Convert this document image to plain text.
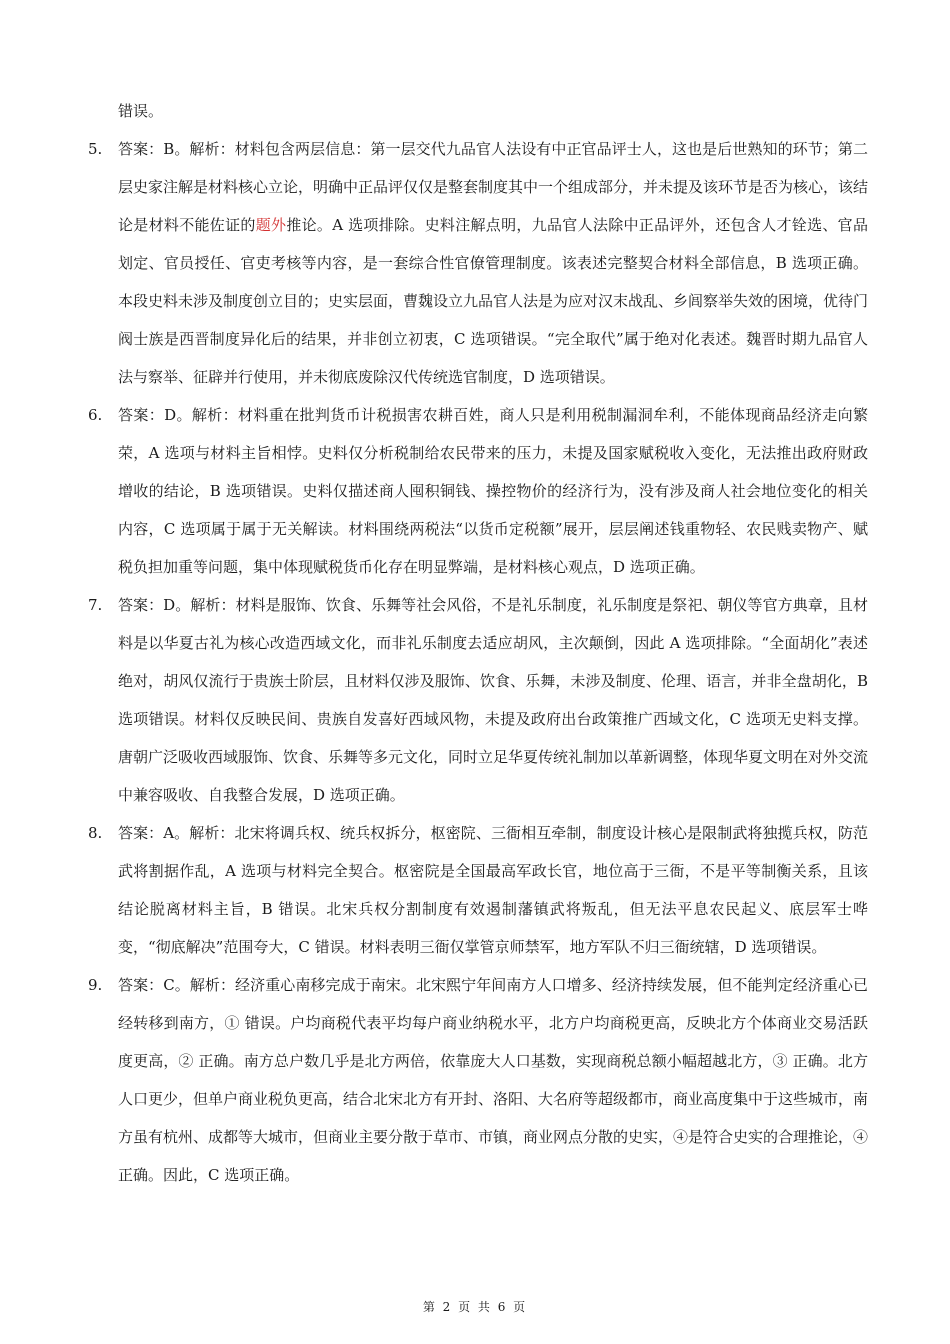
错误。

5.	答案：B。解析：材料包含两层信息：第一层交代九品官人法设有中正官品评士人，这也是后世熟知的环节；第二层史家注解是材料核心立论，明确中正品评仅仅是整套制度其中一个组成部分，并未提及该环节是否为核心，该结论是材料不能佐证的题外推论。A 选项排除。史料注解点明，九品官人法除中正品评外，还包含人才铨选、官品划定、官员授任、官吏考核等内容，是一套综合性官僚管理制度。该表述完整契合材料全部信息，B 选项正确。本段史料未涉及制度创立目的；史实层面，曹魏设立九品官人法是为应对汉末战乱、乡闾察举失效的困境，优待门阀士族是西晋制度异化后的结果，并非创立初衷，C 选项错误。“完全取代”属于绝对化表述。魏晋时期九品官人法与察举、征辟并行使用，并未彻底废除汉代传统选官制度，D 选项错误。

6.	答案：D。解析：材料重在批判货币计税损害农耕百姓，商人只是利用税制漏洞牟利，不能体现商品经济走向繁荣，A 选项与材料主旨相悖。史料仅分析税制给农民带来的压力，未提及国家赋税收入变化，无法推出政府财政增收的结论，B 选项错误。史料仅描述商人囤积铜钱、操控物价的经济行为，没有涉及商人社会地位变化的相关内容，C 选项属于属于无关解读。材料围绕两税法“以货币定税额”展开，层层阐述钱重物轻、农民贱卖物产、赋税负担加重等问题，集中体现赋税货币化存在明显弊端，是材料核心观点，D 选项正确。

7.	答案：D。解析：材料是服饰、饮食、乐舞等社会风俗，不是礼乐制度，礼乐制度是祭祀、朝仪等官方典章，且材料是以华夏古礼为核心改造西域文化，而非礼乐制度去适应胡风，主次颠倒，因此 A 选项排除。“全面胡化”表述绝对，胡风仅流行于贵族士阶层，且材料仅涉及服饰、饮食、乐舞，未涉及制度、伦理、语言，并非全盘胡化，B 选项错误。材料仅反映民间、贵族自发喜好西域风物，未提及政府出台政策推广西域文化，C 选项无史料支撑。唐朝广泛吸收西域服饰、饮食、乐舞等多元文化，同时立足华夏传统礼制加以革新调整，体现华夏文明在对外交流中兼容吸收、自我整合发展，D 选项正确。

8.	答案：A。解析：北宋将调兵权、统兵权拆分，枢密院、三衙相互牵制，制度设计核心是限制武将独揽兵权，防范武将割据作乱，A 选项与材料完全契合。枢密院是全国最高军政长官，地位高于三衙，不是平等制衡关系，且该结论脱离材料主旨，B 错误。北宋兵权分割制度有效遏制藩镇武将叛乱，但无法平息农民起义、底层军士哗变，“彻底解决”范围夸大，C 错误。材料表明三衙仅掌管京师禁军，地方军队不归三衙统辖，D 选项错误。

9.	答案：C。解析：经济重心南移完成于南宋。北宋熙宁年间南方人口增多、经济持续发展，但不能判定经济重心已经转移到南方，① 错误。户均商税代表平均每户商业纳税水平，北方户均商税更高，反映北方个体商业交易活跃度更高，② 正确。南方总户数几乎是北方两倍，依靠庞大人口基数，实现商税总额小幅超越北方，③ 正确。北方人口更少，但单户商业税负更高，结合北宋北方有开封、洛阳、大名府等超级都市，商业高度集中于这些城市，南方虽有杭州、成都等大城市，但商业主要分散于草市、市镇，商业网点分散的史实，④是符合史实的合理推论，④ 正确。因此，C 选项正确。

第 2 页 共 6 页
